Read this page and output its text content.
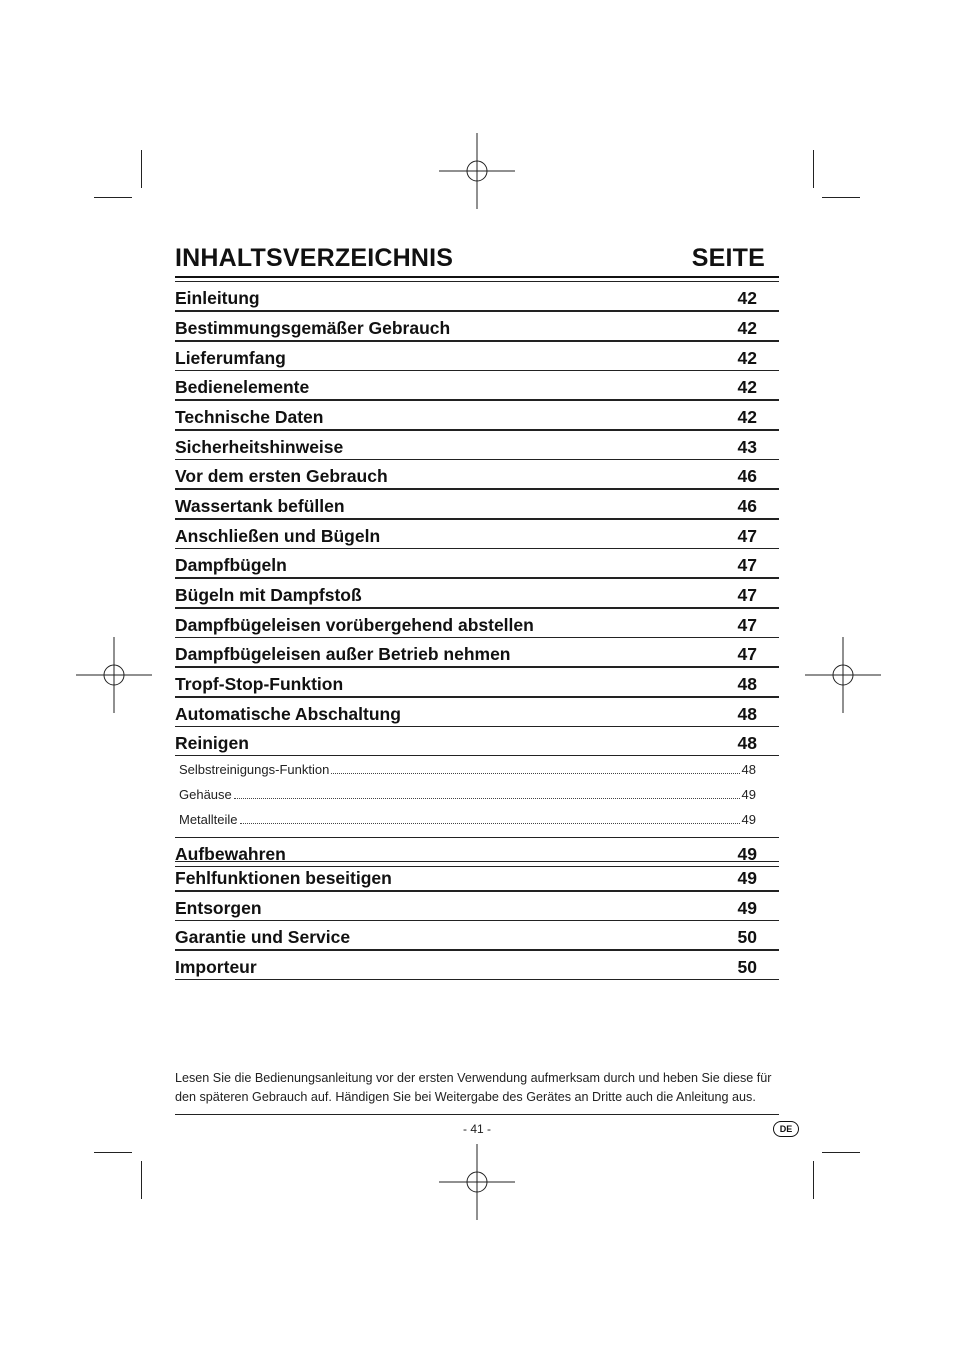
INHALTSVERZEICHNIS	SEITE
Einleitung	42
Bestimmungsgemäßer Gebrauch	42
Lieferumfang	42
Bedienelemente	42
Technische Daten	42
Sicherheitshinweise	43
Vor dem ersten Gebrauch	46
Wassertank befüllen	46
Anschließen und Bügeln	47
Dampfbügeln	47
Bügeln mit Dampfstoß	47
Dampfbügeleisen vorübergehend abstellen	47
Dampfbügeleisen außer Betrieb nehmen	47
Tropf-Stop-Funktion	48
Automatische Abschaltung	48
Reinigen	48
Selbstreinigungs-Funktion	48
Gehäuse	49
Metallteile	49
Aufbewahren	49
Fehlfunktionen beseitigen	49
Entsorgen	49
Garantie und Service	50
Importeur	50
Lesen Sie die Bedienungsanleitung vor der ersten Verwendung aufmerksam durch und heben Sie diese für den späteren Gebrauch auf. Händigen Sie bei Weitergabe des Gerätes an Dritte auch die Anleitung aus.
- 41 -	DE
